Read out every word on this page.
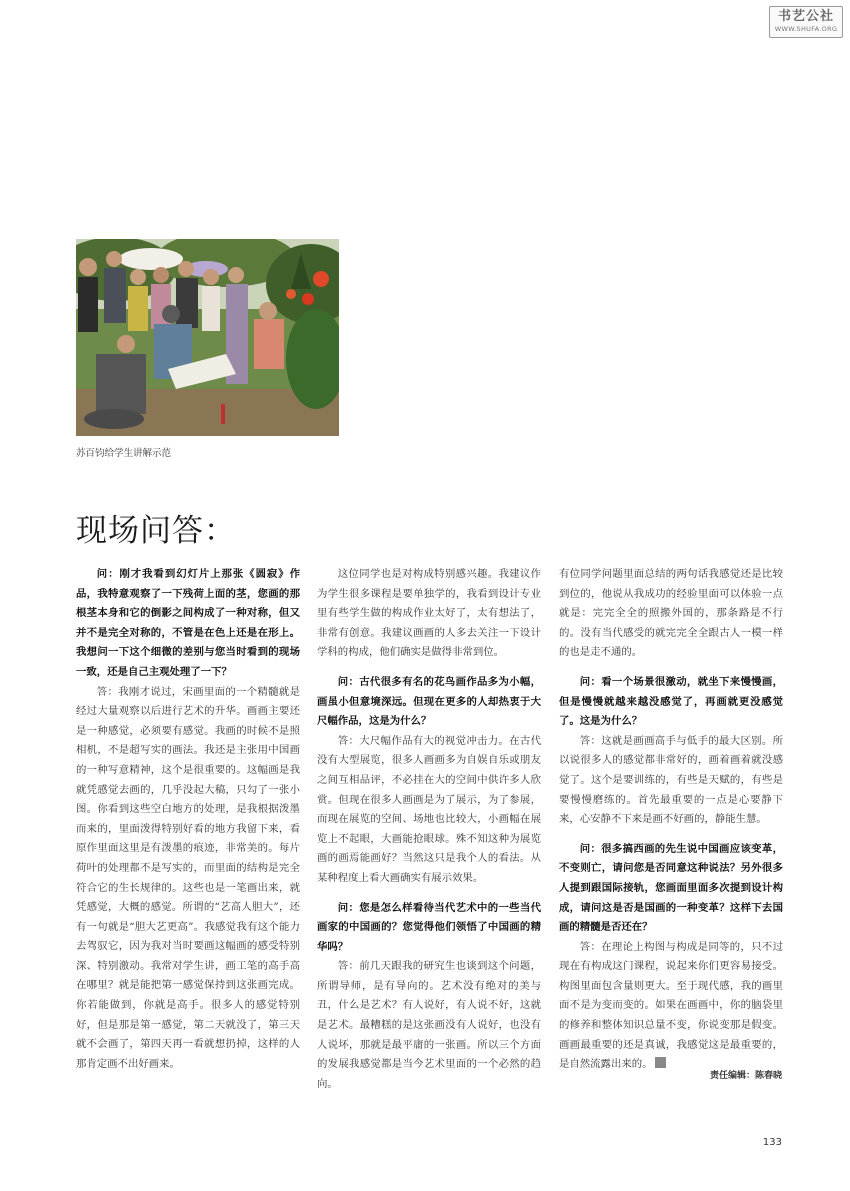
书艺公社
WWW.SHUFA.ORG
苏百钧给学生讲解示范
现场问答：

问：刚才我看到幻灯片上那张《圆寂》作品，我特意观察了一下残荷上面的茎，您画的那根茎本身和它的倒影之间构成了一种对称，但又并不是完全对称的，不管是在色上还是在形上。我想问一下这个细微的差别与您当时看到的现场一致，还是自己主观处理了一下？

答：我刚才说过，宋画里面的一个精髓就是经过大量观察以后进行艺术的升华。画画主要还是一种感觉，必须要有感觉。我画的时候不是照相机，不是超写实的画法。我还是主张用中国画的一种写意精神，这个是很重要的。这幅画是我就凭感觉去画的，几乎没起大稿，只勾了一张小图。你看到这些空白地方的处理，是我根据泼墨而来的，里面泼得特别好看的地方我留下来，看原作里面这里是有泼墨的痕迹，非常美的。每片荷叶的处理都不是写实的，而里面的结构是完全符合它的生长规律的。这些也是一笔画出来，就凭感觉，大概的感觉。所谓的“艺高人胆大”，还有一句就是“胆大艺更高”。我感觉我有这个能力去驾驭它，因为我对当时要画这幅画的感受特别深、特别激动。我常对学生讲，画工笔的高手高在哪里？就是能把第一感觉保持到这张画完成。你若能做到，你就是高手。很多人的感觉特别好，但是那是第一感觉，第二天就没了，第三天就不会画了，第四天再一看就想扔掉，这样的人那肯定画不出好画来。

这位同学也是对构成特别感兴趣。我建议作为学生很多课程是要单独学的，我看到设计专业里有些学生做的构成作业太好了，太有想法了，非常有创意。我建议画画的人多去关注一下设计学科的构成，他们确实是做得非常到位。

问：古代很多有名的花鸟画作品多为小幅，画虽小但意境深远。但现在更多的人却热衷于大尺幅作品，这是为什么？

答：大尺幅作品有大的视觉冲击力。在古代没有大型展览，很多人画画多为自娱自乐或朋友之间互相品评，不必挂在大的空间中供许多人欣赏。但现在很多人画画是为了展示，为了参展，而现在展览的空间、场地也比较大，小画幅在展览上不起眼，大画能抢眼球。殊不知这种为展览画的画焉能画好？当然这只是我个人的看法。从某种程度上看大画确实有展示效果。

问：您是怎么样看待当代艺术中的一些当代画家的中国画的？您觉得他们领悟了中国画的精华吗？

答：前几天跟我的研究生也谈到这个问题，所谓导师，是有导向的。艺术没有绝对的美与丑，什么是艺术？有人说好，有人说不好，这就是艺术。最糟糕的是这张画没有人说好，也没有人说坏，那就是最平庸的一张画。所以三个方面的发展我感觉都是当今艺术里面的一个必然的趋向。

有位同学问题里面总结的两句话我感觉还是比较到位的，他说从我成功的经验里面可以体验一点就是：完完全全的照搬外国的，那条路是不行的。没有当代感受的就完完全全跟古人一模一样的也是走不通的。

问：看一个场景很激动，就坐下来慢慢画，但是慢慢就越来越没感觉了，再画就更没感觉了。这是为什么？

答：这就是画画高手与低手的最大区别。所以说很多人的感觉都非常好的，画着画着就没感觉了。这个是要训练的，有些是天赋的，有些是要慢慢磨练的。首先最重要的一点是心要静下来，心安静不下来是画不好画的，静能生慧。

问：很多搞西画的先生说中国画应该变革，不变则亡，请问您是否同意这种说法？另外很多人提到跟国际接轨，您画面里面多次提到设计构成，请问这是否是国画的一种变革？这样下去国画的精髓是否还在？

答：在理论上构图与构成是同等的，只不过现在有构成这门课程，说起来你们更容易接受。构图里面包含量则更大。至于现代感，我的画里面不是为变而变的。如果在画画中，你的脑袋里的修养和整体知识总量不变，你说变那是假变。画画最重要的还是真诚，我感觉这是最重要的，是自然流露出来的。

责任编辑：陈春晓
133
